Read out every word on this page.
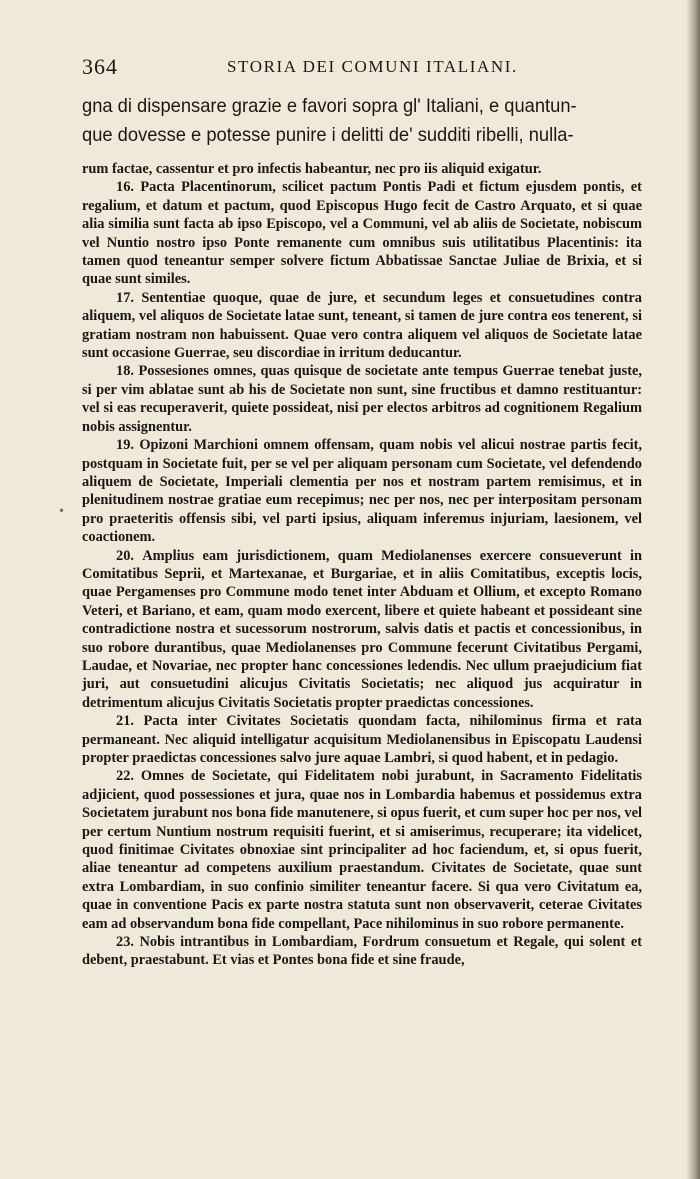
364	STORIA DEI COMUNI ITALIANI.
gna di dispensare grazie e favori sopra gl' Italiani, e quantun-
que dovesse e potesse punire i delitti de' sudditi ribelli, nulla-
•

rum factae, cassentur et pro infectis habeantur, nec pro iis aliquid exigatur.

16. Pacta Placentinorum, scilicet pactum Pontis Padi et fictum ejusdem pontis, et regalium, et datum et pactum, quod Episcopus Hugo fecit de Castro Arquato, et si quae alia similia sunt facta ab ipso Episcopo, vel a Communi, vel ab aliis de Societate, nobiscum vel Nuntio nostro ipso Ponte remanente cum omnibus suis utilitatibus Placentinis: ita tamen quod teneantur semper solvere fictum Abbatissae Sanctae Juliae de Brixia, et si quae sunt similes.

17. Sententiae quoque, quae de jure, et secundum leges et consuetudines contra aliquem, vel aliquos de Societate latae sunt, teneant, si tamen de jure contra eos tenerent, si gratiam nostram non habuissent. Quae vero contra aliquem vel aliquos de Societate latae sunt occasione Guerrae, seu discordiae in irritum deducantur.

18. Possesiones omnes, quas quisque de societate ante tempus Guerrae tenebat juste, si per vim ablatae sunt ab his de Societate non sunt, sine fructibus et damno restituantur: vel si eas recuperaverit, quiete possideat, nisi per electos arbitros ad cognitionem Regalium nobis assignentur.

19. Opizoni Marchioni omnem offensam, quam nobis vel alicui nostrae partis fecit, postquam in Societate fuit, per se vel per aliquam personam cum Societate, vel defendendo aliquem de Societate, Imperiali clementia per nos et nostram partem remisimus, et in plenitudinem nostrae gratiae eum recepimus; nec per nos, nec per interpositam personam pro praeteritis offensis sibi, vel parti ipsius, aliquam inferemus injuriam, laesionem, vel coactionem.

20. Amplius eam jurisdictionem, quam Mediolanenses exercere consueverunt in Comitatibus Seprii, et Martexanae, et Burgariae, et in aliis Comitatibus, exceptis locis, quae Pergamenses pro Commune modo tenet inter Abduam et Ollium, et excepto Romano Veteri, et Bariano, et eam, quam modo exercent, libere et quiete habeant et possideant sine contradictione nostra et sucessorum nostrorum, salvis datis et pactis et concessionibus, in suo robore durantibus, quae Mediolanenses pro Commune fecerunt Civitatibus Pergami, Laudae, et Novariae, nec propter hanc concessiones ledendis. Nec ullum praejudicium fiat juri, aut consuetudini alicujus Civitatis Societatis; nec aliquod jus acquiratur in detrimentum alicujus Civitatis Societatis propter praedictas concessiones.

21. Pacta inter Civitates Societatis quondam facta, nihilominus firma et rata permaneant. Nec aliquid intelligatur acquisitum Mediolanensibus in Episcopatu Laudensi propter praedictas concessiones salvo jure aquae Lambri, si quod habent, et in pedagio.

22. Omnes de Societate, qui Fidelitatem nobi jurabunt, in Sacramento Fidelitatis adjicient, quod possessiones et jura, quae nos in Lombardia habemus et possidemus extra Societatem jurabunt nos bona fide manutenere, si opus fuerit, et cum super hoc per nos, vel per certum Nuntium nostrum requisiti fuerint, et si amiserimus, recuperare; ita videlicet, quod finitimae Civitates obnoxiae sint principaliter ad hoc faciendum, et, si opus fuerit, aliae teneantur ad competens auxilium praestandum. Civitates de Societate, quae sunt extra Lombardiam, in suo confinio similiter teneantur facere. Si qua vero Civitatum ea, quae in conventione Pacis ex parte nostra statuta sunt non observaverit, ceterae Civitates eam ad observandum bona fide compellant, Pace nihilominus in suo robore permanente.

23. Nobis intrantibus in Lombardiam, Fordrum consuetum et Regale, qui solent et debent, praestabunt. Et vias et Pontes bona fide et sine fraude,
